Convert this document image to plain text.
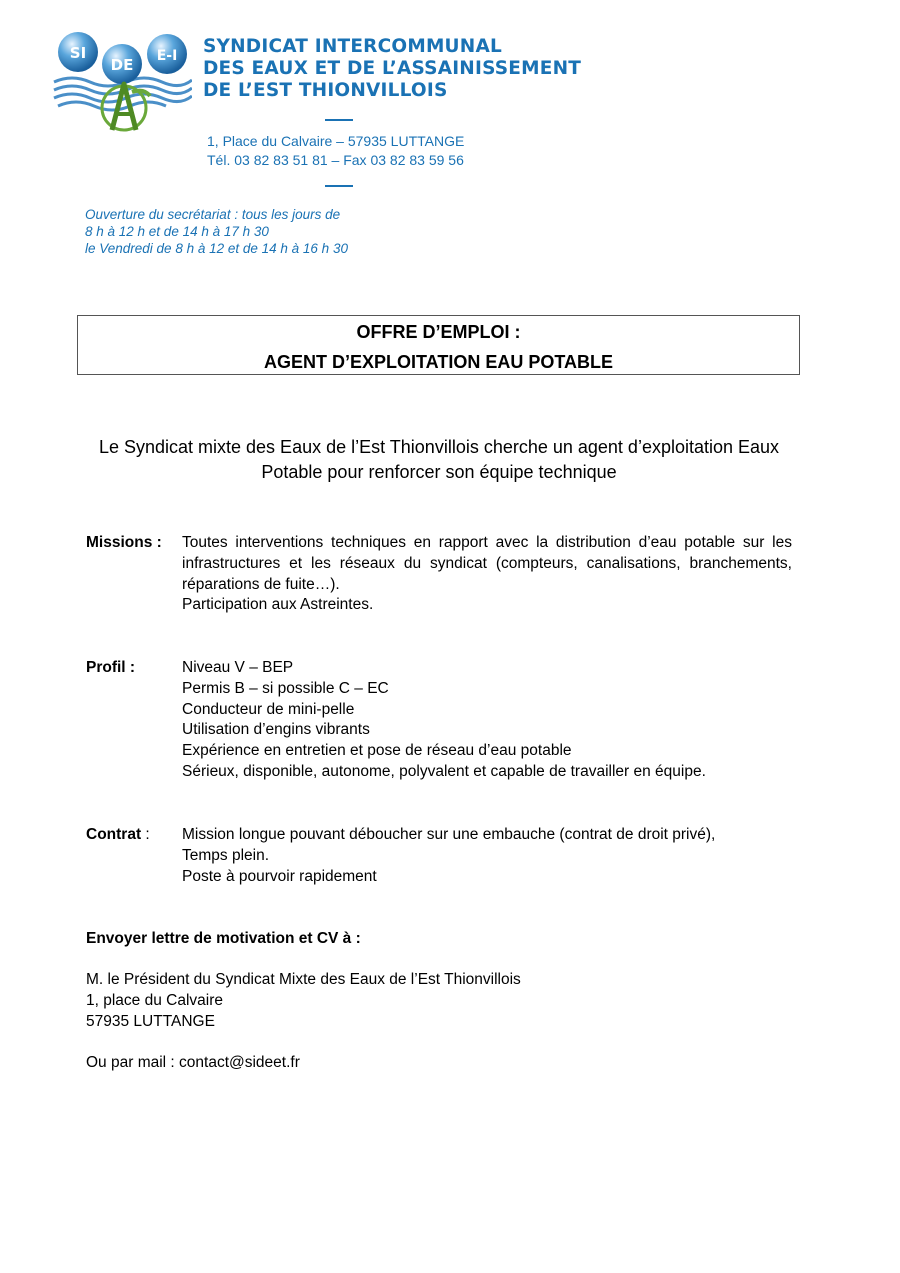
SI
DE E-I SYNDICAT INTERCOMMUNAL
DES EAUX ET DE L’ASSAINISSEMENT
DE L’EST THIONVILLOIS
1, Place du Calvaire – 57935 LUTTANGE
Tél. 03 82 83 51 81 – Fax 03 82 83 59 56
Ouverture du secrétariat : tous les jours de
8 h à 12 h et de 14 h à 17 h 30
le Vendredi de 8 h à 12 et de 14 h à 16 h 30
OFFRE D’EMPLOI :
AGENT D’EXPLOITATION EAU POTABLE
Le Syndicat mixte des Eaux de l’Est Thionvillois cherche un agent d’exploitation Eaux
Potable pour renforcer son équipe technique
Missions : Toutes interventions techniques en rapport avec la distribution d’eau potable sur les infrastructures et les réseaux du syndicat (compteurs, canalisations, branchements, réparations de fuite…).
Participation aux Astreintes.
Profil :	Niveau V – BEP
Permis B – si possible C – EC
Conducteur de mini-pelle
Utilisation d’engins vibrants
Expérience en entretien et pose de réseau d’eau potable
Sérieux, disponible, autonome, polyvalent et capable de travailler en équipe.
Contrat : Mission longue pouvant déboucher sur une embauche (contrat de droit privé),
Temps plein.
Poste à pourvoir rapidement
Envoyer lettre de motivation et CV à :
M. le Président du Syndicat Mixte des Eaux de l’Est Thionvillois
1, place du Calvaire
57935 LUTTANGE
Ou par mail : contact@sideet.fr
